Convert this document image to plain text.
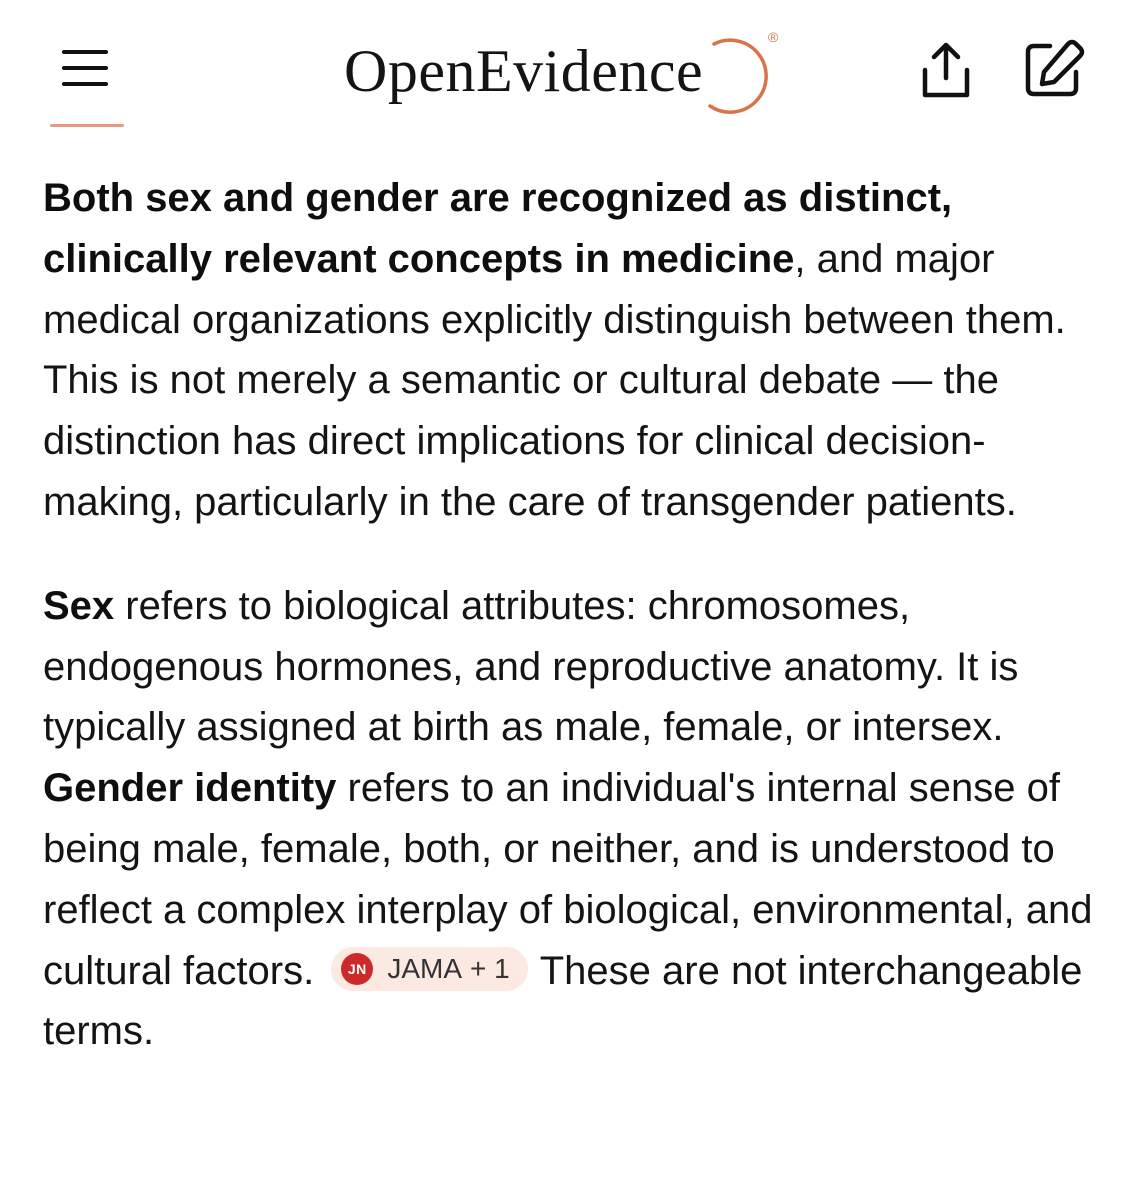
OpenEvidence
®

Both sex and gender are recognized as distinct, clinically relevant concepts in medicine, and major medical organizations explicitly distinguish between them. This is not merely a semantic or cultural debate — the distinction has direct implications for clinical decision-making, particularly in the care of transgender patients.

Sex refers to biological attributes: chromosomes, endogenous hormones, and reproductive anatomy. It is typically assigned at birth as male, female, or intersex. Gender identity refers to an individual's internal sense of being male, female, both, or neither, and is understood to reflect a complex interplay of biological, environmental, and cultural factors.	JN JAMA + 1 These are not interchangeable terms.
